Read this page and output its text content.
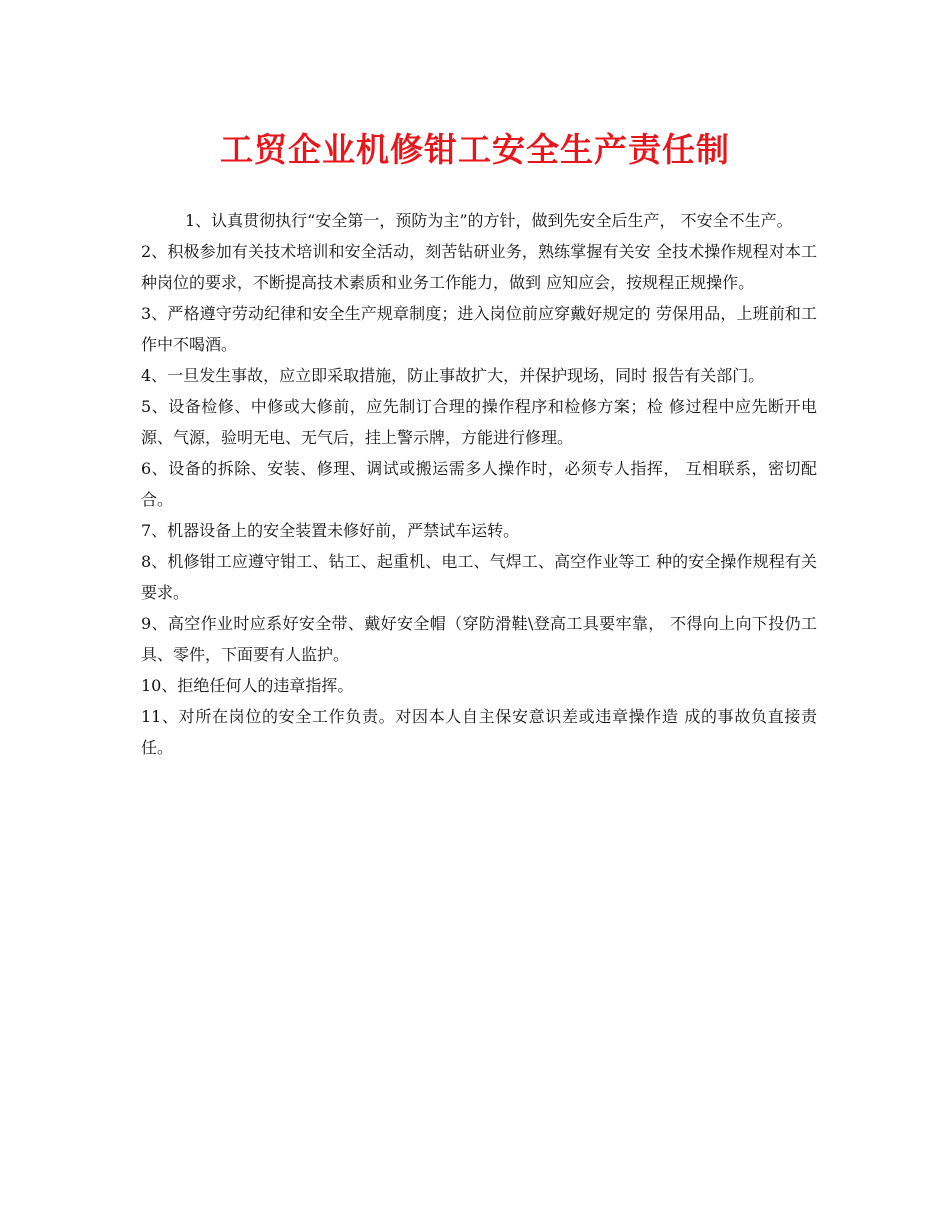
工贸企业机修钳工安全生产责任制

1、认真贯彻执行“安全第一，预防为主”的方针，做到先安全后生产， 不安全不生产。

2、积极参加有关技术培训和安全活动，刻苦钻研业务，熟练掌握有关安 全技术操作规程对本工种岗位的要求，不断提高技术素质和业务工作能力，做到 应知应会，按规程正规操作。

3、严格遵守劳动纪律和安全生产规章制度；进入岗位前应穿戴好规定的 劳保用品，上班前和工作中不喝酒。

4、一旦发生事故，应立即采取措施，防止事故扩大，并保护现场，同时 报告有关部门。

5、设备检修、中修或大修前，应先制订合理的操作程序和检修方案；检 修过程中应先断开电源、气源，验明无电、无气后，挂上警示牌，方能进行修理。

6、设备的拆除、安装、修理、调试或搬运需多人操作时，必须专人指挥， 互相联系，密切配合。

7、机器设备上的安全装置未修好前，严禁试车运转。

8、机修钳工应遵守钳工、钻工、起重机、电工、气焊工、高空作业等工 种的安全操作规程有关要求。

9、高空作业时应系好安全带、戴好安全帽（穿防滑鞋\登高工具要牢靠， 不得向上向下投仍工具、零件，下面要有人监护。

10、拒绝任何人的违章指挥。

11、对所在岗位的安全工作负责。对因本人自主保安意识差或违章操作造 成的事故负直接责任。
